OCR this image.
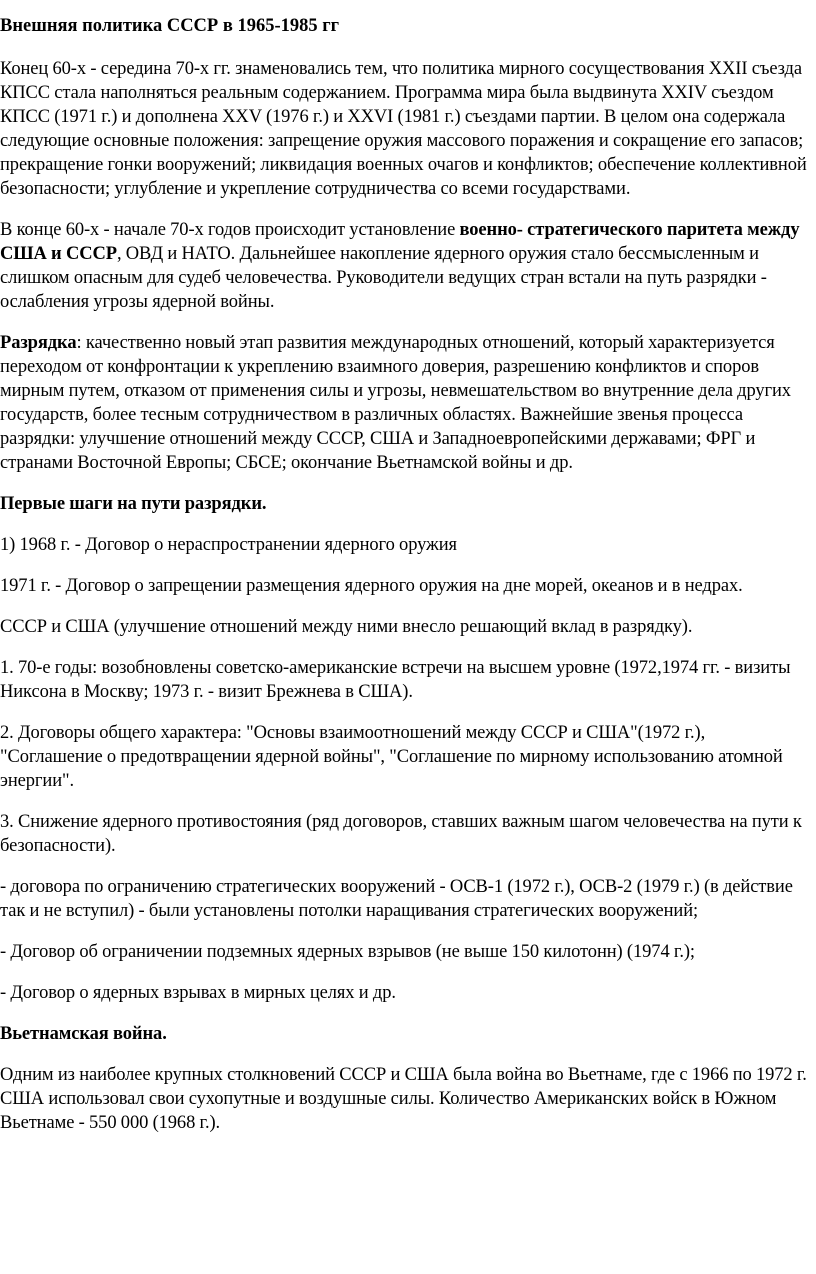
Внешняя политика СССР в 1965-1985 гг

Конец 60-х - середина 70-х гг. знаменовались тем, что политика мирного сосуществования XXII съезда КПСС стала наполняться реальным содержанием. Программа мира была выдвинута XXIV съездом КПСС (1971 г.) и дополнена XXV (1976 г.) и XXVI (1981 г.) съездами партии. В целом она содержала следующие основные положения: запрещение оружия массового поражения и сокращение его запасов; прекращение гонки вооружений; ликвидация военных очагов и конфликтов; обеспечение коллективной безопасности; углубление и укрепление сотрудничества со всеми государствами.

В конце 60-х - начале 70-х годов происходит установление военно- стратегического паритета между США и СССР, ОВД и НАТО. Дальнейшее накопление ядерного оружия стало бессмысленным и слишком опасным для судеб человечества. Руководители ведущих стран встали на путь разрядки - ослабления угрозы ядерной войны.

Разрядка: качественно новый этап развития международных отношений, который характеризуется переходом от конфронтации к укреплению взаимного доверия, разрешению конфликтов и споров мирным путем, отказом от применения силы и угрозы, невмешательством во внутренние дела других государств, более тесным сотрудничеством в различных областях. Важнейшие звенья процесса разрядки: улучшение отношений между СССР, США и Западноевропейскими державами; ФРГ и странами Восточной Европы; СБСЕ; окончание Вьетнамской войны и др.

Первые шаги на пути разрядки.

1) 1968 г. - Договор о нераспространении ядерного оружия

1971 г. - Договор о запрещении размещения ядерного оружия на дне морей, океанов и в недрах.

СССР и США (улучшение отношений между ними внесло решающий вклад в разрядку).

1. 70-е годы: возобновлены советско-американские встречи на высшем уровне (1972,1974 гг. - визиты Никсона в Москву; 1973 г. - визит Брежнева в США).

2. Договоры общего характера: "Основы взаимоотношений между СССР и США"(1972 г.), "Соглашение о предотвращении ядерной войны", "Соглашение по мирному использованию атомной энергии".

3. Снижение ядерного противостояния (ряд договоров, ставших важным шагом человечества на пути к безопасности).

- договора по ограничению стратегических вооружений - ОСВ-1 (1972 г.), ОСВ-2 (1979 г.) (в действие так и не вступил) - были установлены потолки наращивания стратегических вооружений;

- Договор об ограничении подземных ядерных взрывов (не выше 150 килотонн) (1974 г.);

- Договор о ядерных взрывах в мирных целях и др.

Вьетнамская война.

Одним из наиболее крупных столкновений СССР и США была война во Вьетнаме, где с 1966 по 1972 г. США использовал свои сухопутные и воздушные силы. Количество Американских войск в Южном Вьетнаме - 550 000 (1968 г.).
